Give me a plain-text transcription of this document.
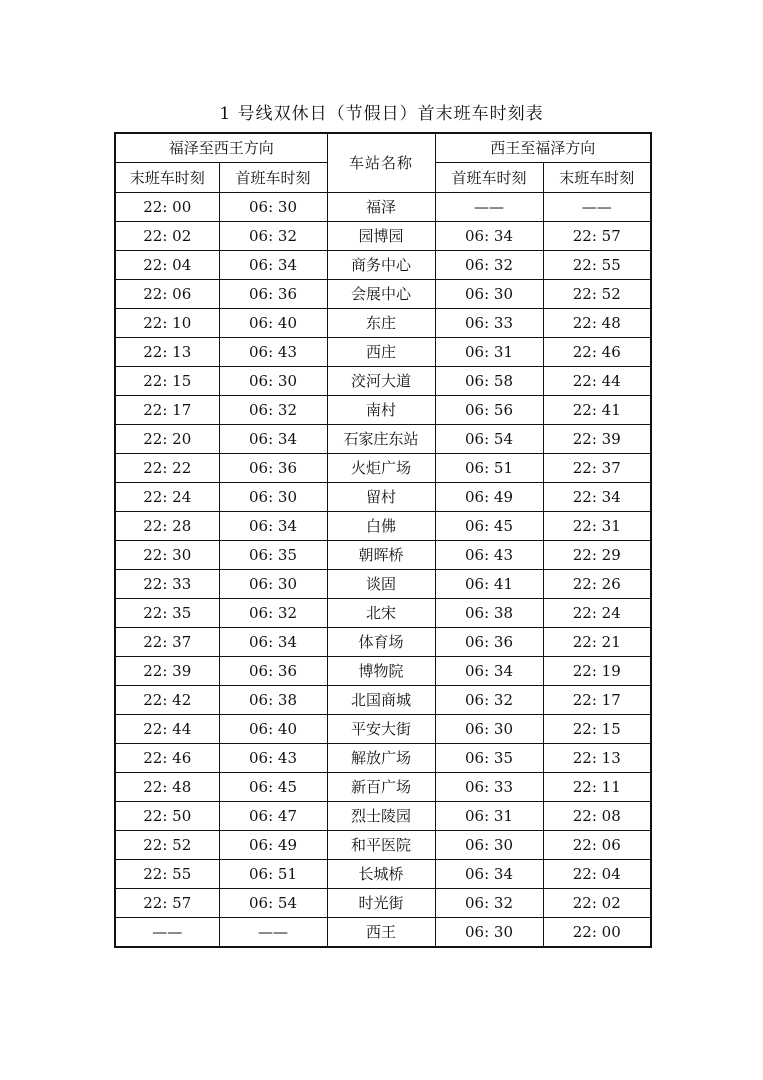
1 号线双休日（节假日）首末班车时刻表
福泽至西王方向		车站名称	西王至福泽方向	
末班车时刻	首班车时刻		首班车时刻	末班车时刻
22: 00	06: 30	福泽	——	——
22: 02	06: 32	园博园	06: 34	22: 57
22: 04	06: 34	商务中心	06: 32	22: 55
22: 06	06: 36	会展中心	06: 30	22: 52
22: 10	06: 40	东庄	06: 33	22: 48
22: 13	06: 43	西庄	06: 31	22: 46
22: 15	06: 30	洨河大道	06: 58	22: 44
22: 17	06: 32	南村	06: 56	22: 41
22: 20	06: 34	石家庄东站	06: 54	22: 39
22: 22	06: 36	火炬广场	06: 51	22: 37
22: 24	06: 30	留村	06: 49	22: 34
22: 28	06: 34	白佛	06: 45	22: 31
22: 30	06: 35	朝晖桥	06: 43	22: 29
22: 33	06: 30	谈固	06: 41	22: 26
22: 35	06: 32	北宋	06: 38	22: 24
22: 37	06: 34	体育场	06: 36	22: 21
22: 39	06: 36	博物院	06: 34	22: 19
22: 42	06: 38	北国商城	06: 32	22: 17
22: 44	06: 40	平安大街	06: 30	22: 15
22: 46	06: 43	解放广场	06: 35	22: 13
22: 48	06: 45	新百广场	06: 33	22: 11
22: 50	06: 47	烈士陵园	06: 31	22: 08
22: 52	06: 49	和平医院	06: 30	22: 06
22: 55	06: 51	长城桥	06: 34	22: 04
22: 57	06: 54	时光街	06: 32	22: 02
——	——	西王	06: 30	22: 00
